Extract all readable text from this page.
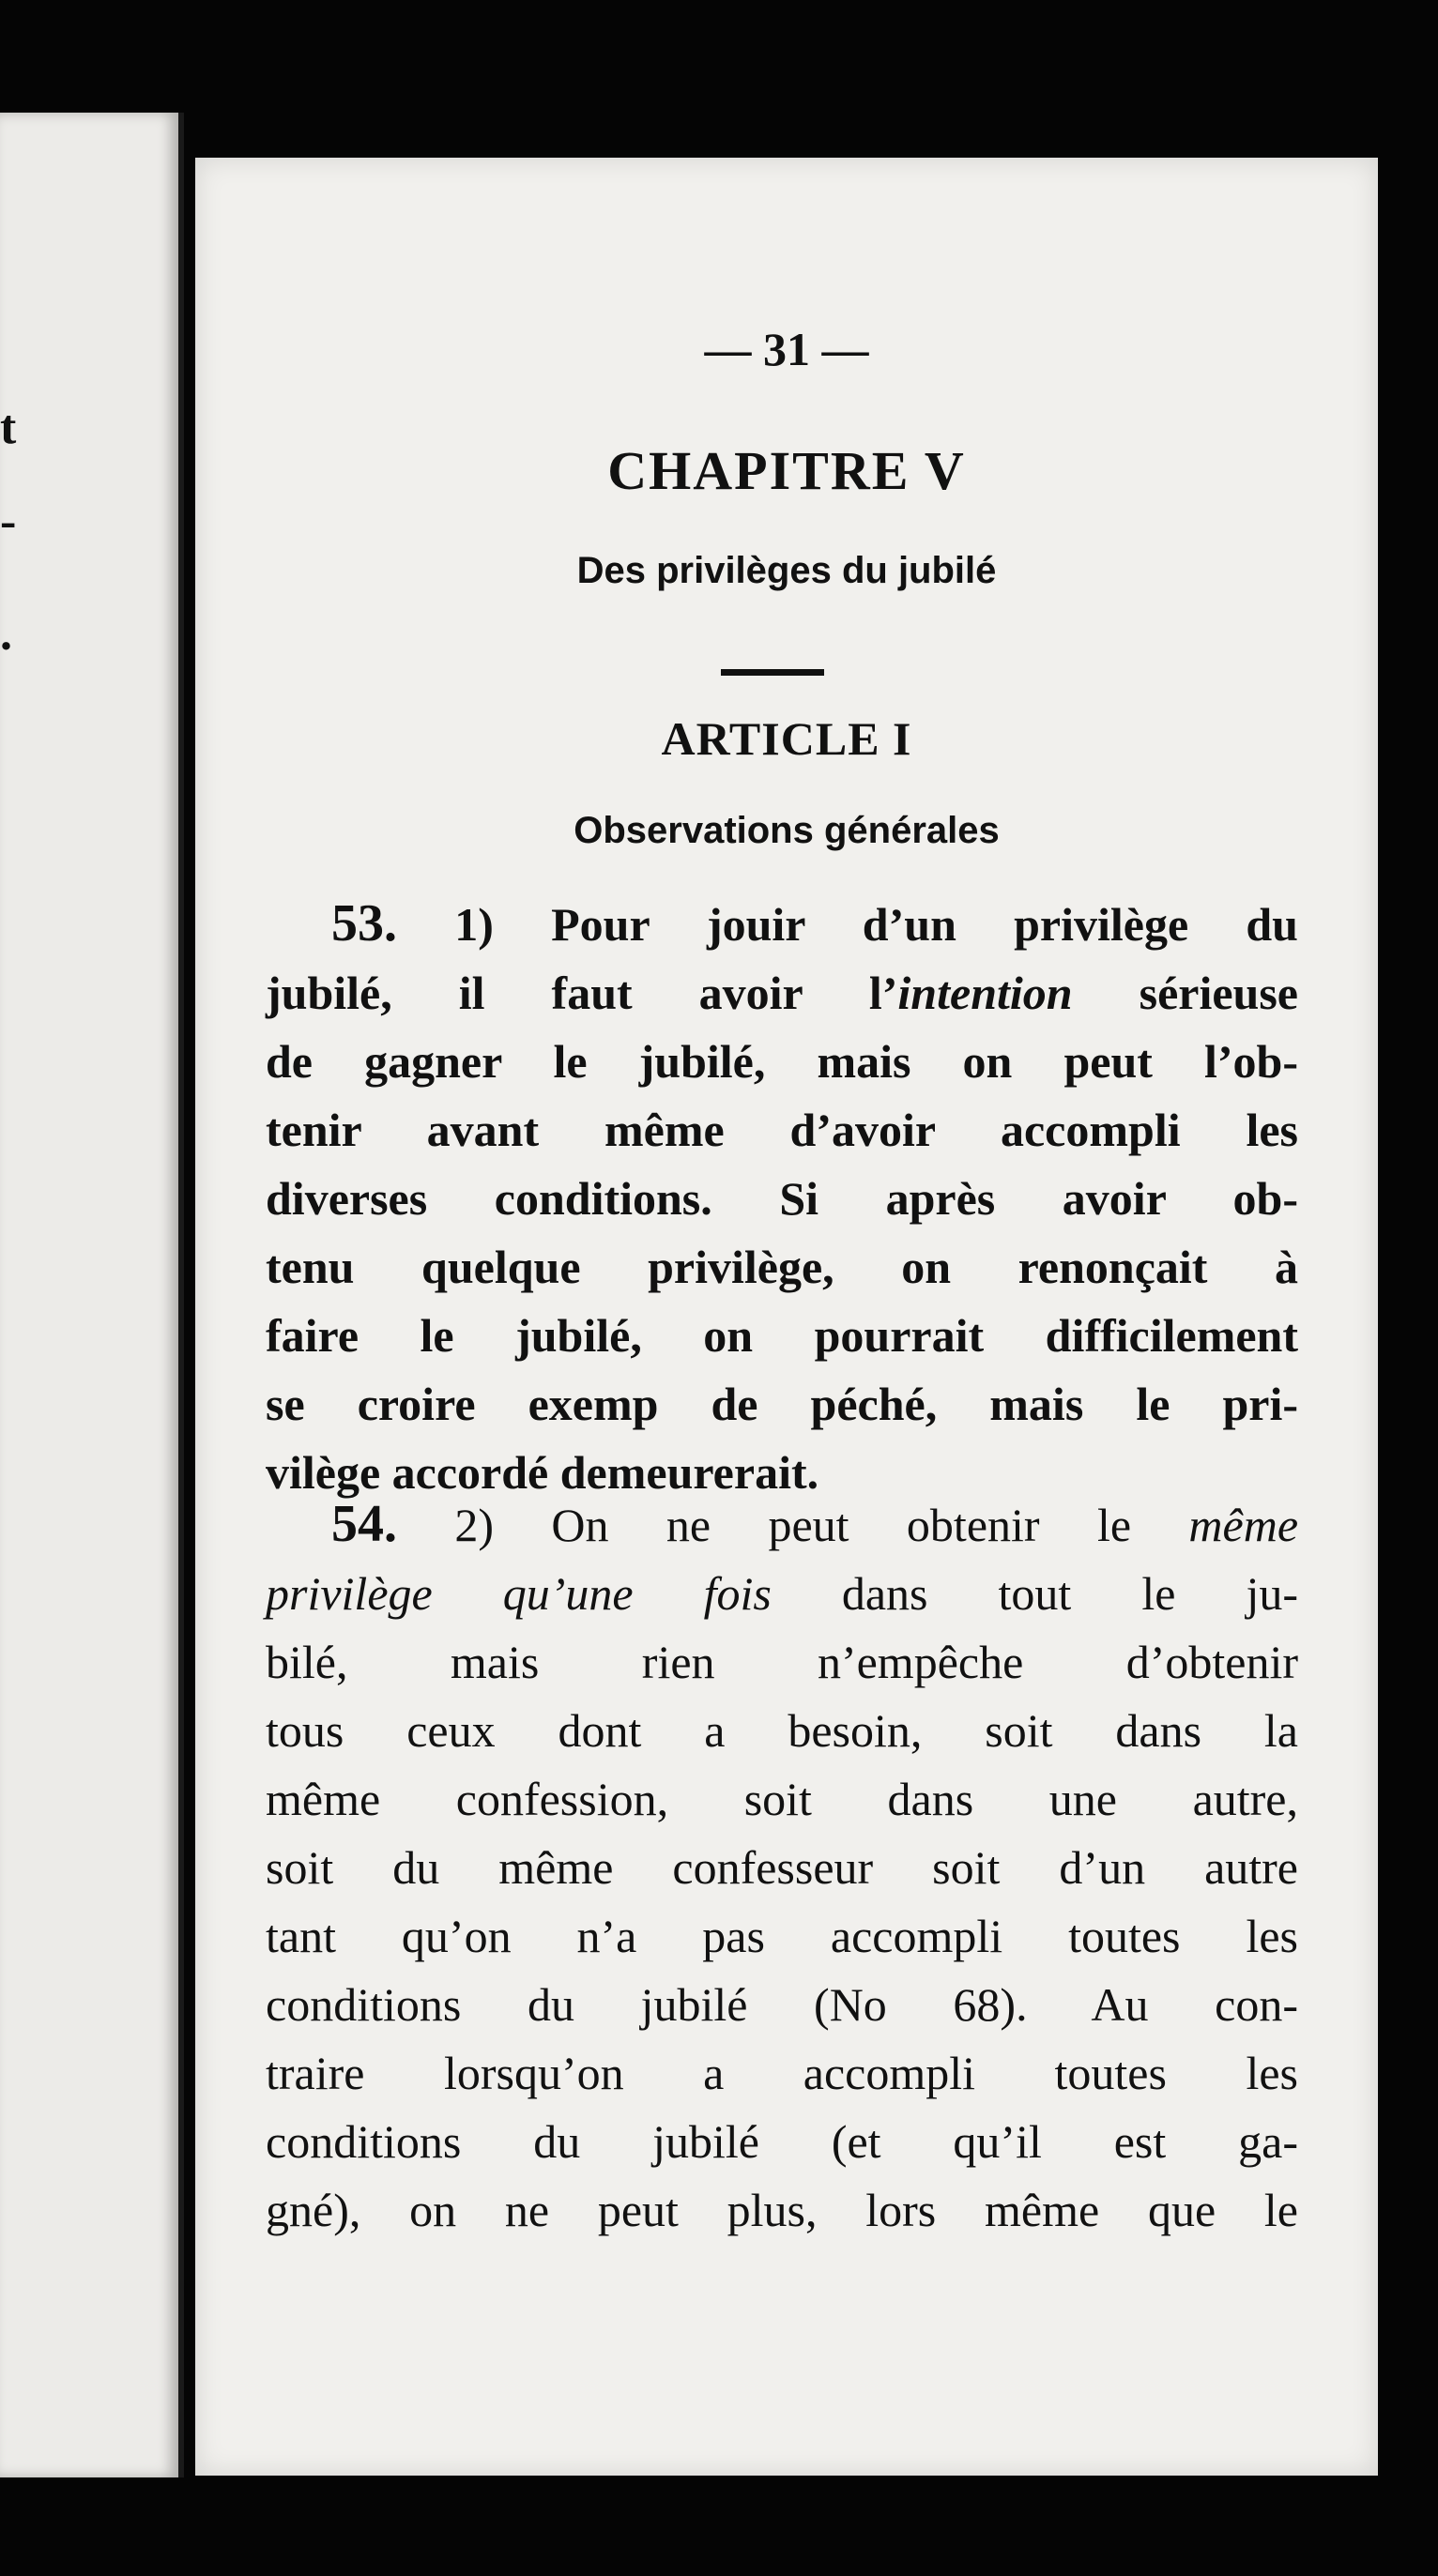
t
-
.
— 31 —
CHAPITRE V
Des privilèges du jubilé
ARTICLE I
Observations générales
53. 1) Pour jouir d’un privilège du
jubilé, il faut avoir l’intention sérieuse
de gagner le jubilé, mais on peut l’ob-
tenir avant même d’avoir accompli les
diverses conditions. Si après avoir ob-
tenu quelque privilège, on renonçait à
faire le jubilé, on pourrait difficilement
se croire exemp de péché, mais le pri-
vilège accordé demeurerait.
54. 2) On ne peut obtenir le même
privilège qu’une fois dans tout le ju-
bilé, mais rien n’empêche d’obtenir
tous ceux dont a besoin, soit dans la
même confession, soit dans une autre,
soit du même confesseur soit d’un autre
tant qu’on n’a pas accompli toutes les
conditions du jubilé (No 68). Au con-
traire lorsqu’on a accompli toutes les
conditions du jubilé (et qu’il est ga-
gné), on ne peut plus, lors même que le
